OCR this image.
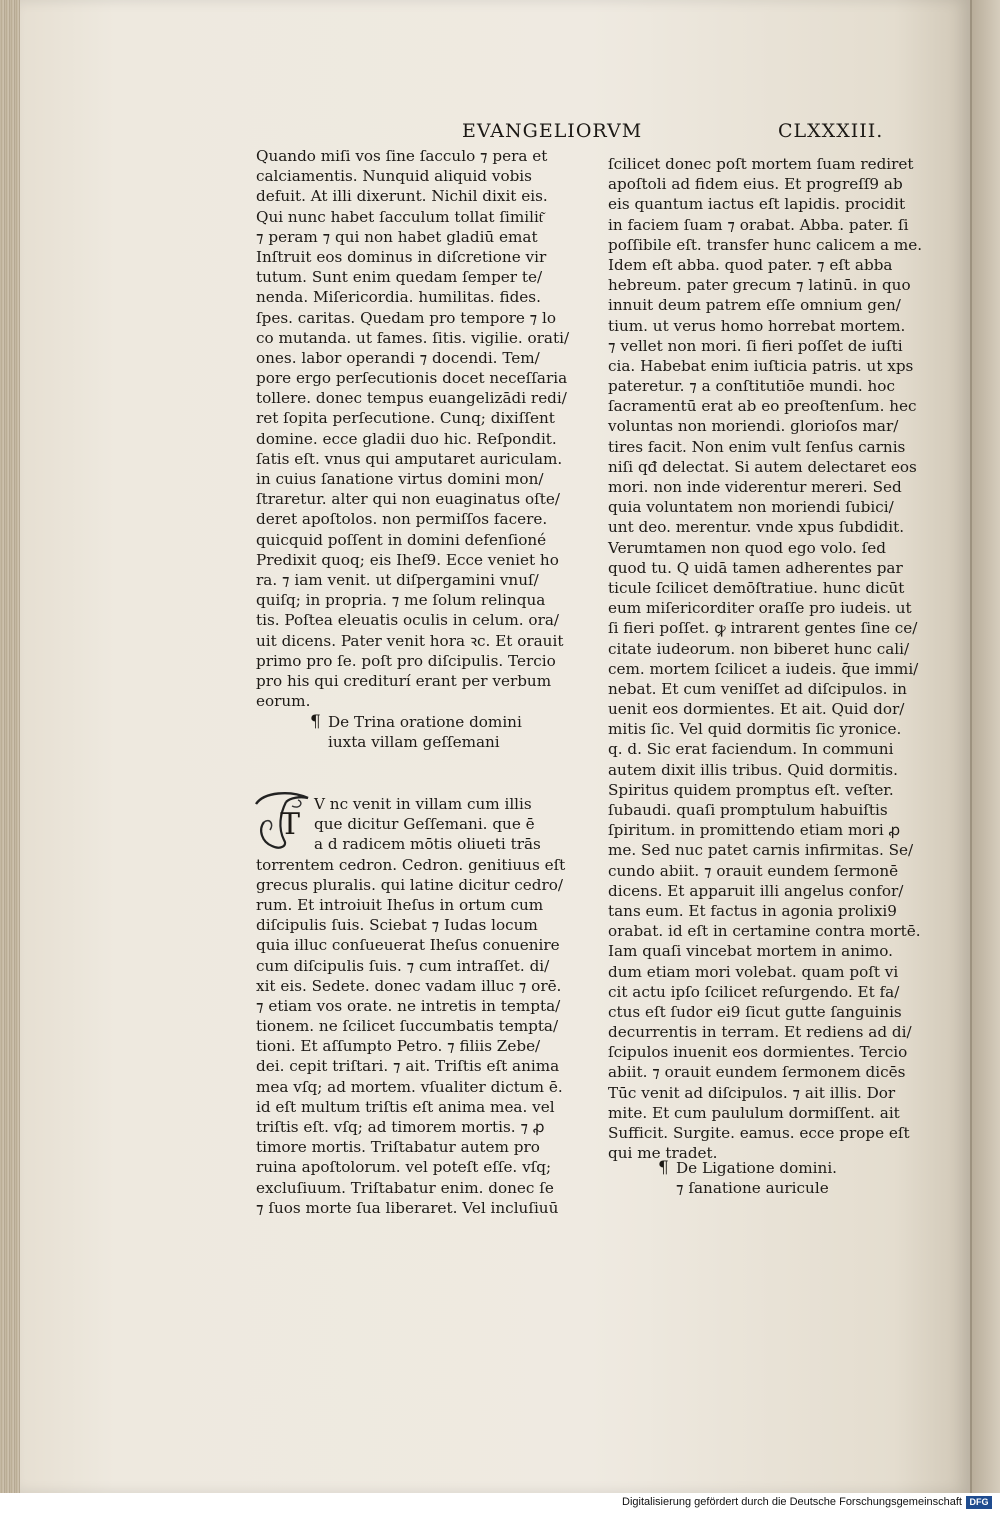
EVANGELIORVM	CLXXXIII.
Quando miſi vos ſine ſacculo ⁊ pera et
calciamentis. Nunquid aliquid vobis
defuit. At illi dixerunt. Nichil dixit eis.
Qui nunc habet ſacculum tollat ſimilit͂
⁊ peram ⁊ qui non habet gladiū emat
Inſtruit eos dominus in diſcretione vir
tutum. Sunt enim quedam ſemper te/
nenda. Miſericordia. humilitas. fides.
ſpes. caritas. Quedam pro tempore ⁊ lo
co mutanda. ut fames. ſitis. vigilie. orati/
ones. labor operandi ⁊ docendi. Tem/
pore ergo perſecutionis docet neceſſaria
tollere. donec tempus euangelizādi redi/
ret ſopita perſecutione. Cunq; dixiſſent
domine. ecce gladii duo hic. Reſpondit.
ſatis eſt. vnus qui amputaret auriculam.
in cuius ſanatione virtus domini mon/
ſtraretur. alter qui non euaginatus oſte/
deret apoſtolos. non permiſſos facere.
quicquid poſſent in domini defenſioné
Predixit quoq; eis Iheſ9. Ecce veniet ho
ra. ⁊ iam venit. ut diſpergamini vnuſ/
quiſq; in propria. ⁊ me ſolum relinqua
tis. Poſtea eleuatis oculis in celum. ora/
uit dicens. Pater venit hora ꝛc. Et orauit
primo pro ſe. poſt pro diſcipulis. Tercio
pro his qui crediturí erant per verbum
eorum.
¶ De Trina oratione domini
iuxta villam geſſemani
T
V nc venit in villam cum illis
que dicitur Geſſemani. que ē
a d radicem mōtis oliueti trās
torrentem cedron. Cedron. genitiuus eſt
grecus pluralis. qui latine dicitur cedro/
rum. Et introiuit Iheſus in ortum cum
diſcipulis ſuis. Sciebat ⁊ Iudas locum
quia illuc conſueuerat Iheſus conuenire
cum diſcipulis ſuis. ⁊ cum intraſſet. di/
xit eis. Sedete. donec vadam illuc ⁊ orē.
⁊ etiam vos orate. ne intretis in tempta/
tionem. ne ſcilicet ſuccumbatis tempta/
tioni. Et aſſumpto Petro. ⁊ filiis Zebe/
dei. cepit triſtari. ⁊ ait. Triſtis eſt anima
mea vſq; ad mortem. vſualiter dictum ē.
id eſt multum triſtis eſt anima mea. vel
triſtis eſt. vſq; ad timorem mortis. ⁊ ꝓ
timore mortis. Triſtabatur autem pro
ruina apoſtolorum. vel poteſt eſſe. vſq;
excluſiuum. Triſtabatur enim. donec ſe
⁊ ſuos morte ſua liberaret. Vel incluſiuū
ſcilicet donec poſt mortem ſuam rediret
apoſtoli ad fidem eius. Et progreſſ9 ab
eis quantum iactus eſt lapidis. procidit
in faciem ſuam ⁊ orabat. Abba. pater. ſi
poſſibile eſt. transfer hunc calicem a me.
Idem eſt abba. quod pater. ⁊ eſt abba
hebreum. pater grecum ⁊ latinū. in quo
innuit deum patrem eſſe omnium gen/
tium. ut verus homo horrebat mortem.
⁊ vellet non mori. ſi fieri poſſet de iuſti
cia. Habebat enim iuſticia patris. ut xps
pateretur. ⁊ a conſtitutiōe mundi. hoc
ſacramentū erat ab eo preoſtenſum. hec
voluntas non moriendi. glorioſos mar/
tires facit. Non enim vult ſenſus carnis
niſi qđ delectat. Si autem delectaret eos
mori. non inde viderentur mereri. Sed
quia voluntatem non moriendi ſubici/
unt deo. merentur. vnde xpus ſubdidit.
Verumtamen non quod ego volo. ſed
quod tu. Q uidā tamen adherentes par
ticule ſcilicet demōſtratiue. hunc dicūt
eum miſericorditer oraſſe pro iudeis. ut
ſi fieri poſſet. ꝙ intrarent gentes ſine ce/
citate iudeorum. non biberet hunc cali/
cem. mortem ſcilicet a iudeis. q̄ue immi/
nebat. Et cum veniſſet ad diſcipulos. in
uenit eos dormientes. Et ait. Quid dor/
mitis ſic. Vel quid dormitis ſic yronice.
q. d. Sic erat faciendum. In communi
autem dixit illis tribus. Quid dormitis.
Spiritus quidem promptus eſt. veſter.
ſubaudi. quaſi promptulum habuiſtis
ſpiritum. in promittendo etiam mori ꝓ
me. Sed nuc patet carnis infirmitas. Se/
cundo abiit. ⁊ orauit eundem ſermonē
dicens. Et apparuit illi angelus confor/
tans eum. Et factus in agonia prolixi9
orabat. id eſt in certamine contra mortē.
Iam quaſi vincebat mortem in animo.
dum etiam mori volebat. quam poſt vi
cit actu ipſo ſcilicet reſurgendo. Et fa/
ctus eſt ſudor ei9 ſicut gutte ſanguinis
decurrentis in terram. Et rediens ad di/
ſcipulos inuenit eos dormientes. Tercio
abiit. ⁊ orauit eundem ſermonem dicēs
Tūc venit ad diſcipulos. ⁊ ait illis. Dor
mite. Et cum paululum dormiſſent. ait
Sufficit. Surgite. eamus. ecce prope eſt
qui me tradet.
¶ De Ligatione domini.
⁊ ſanatione auricule
Digitalisierung gefördert durch die Deutsche Forschungsgemeinschaft DFG
